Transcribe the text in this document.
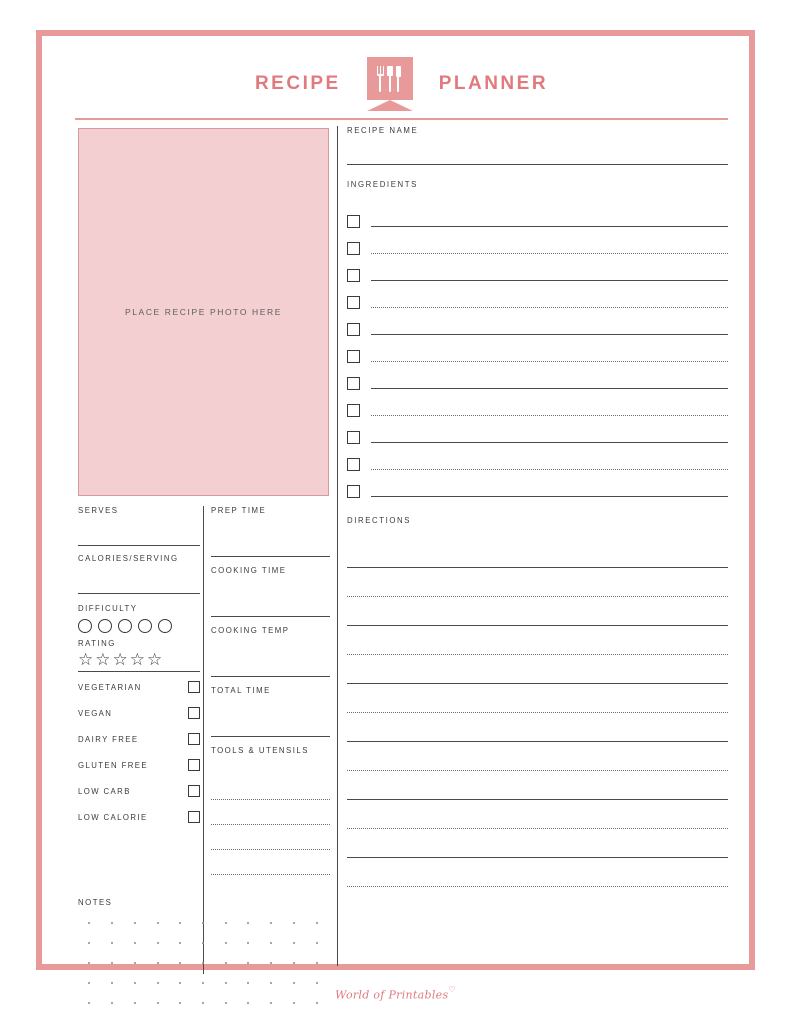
RECIPE	PLANNER
PLACE RECIPE PHOTO HERE
SERVES
CALORIES/SERVING
DIFFICULTY
RATING
☆ ☆ ☆ ☆ ☆
VEGETARIAN
VEGAN
DAIRY FREE
GLUTEN FREE
LOW CARB
LOW CALORIE
PREP TIME
COOKING TIME
COOKING TEMP
TOTAL TIME
TOOLS & UTENSILS
NOTES
RECIPE NAME
INGREDIENTS
DIRECTIONS
World of Printables♡
